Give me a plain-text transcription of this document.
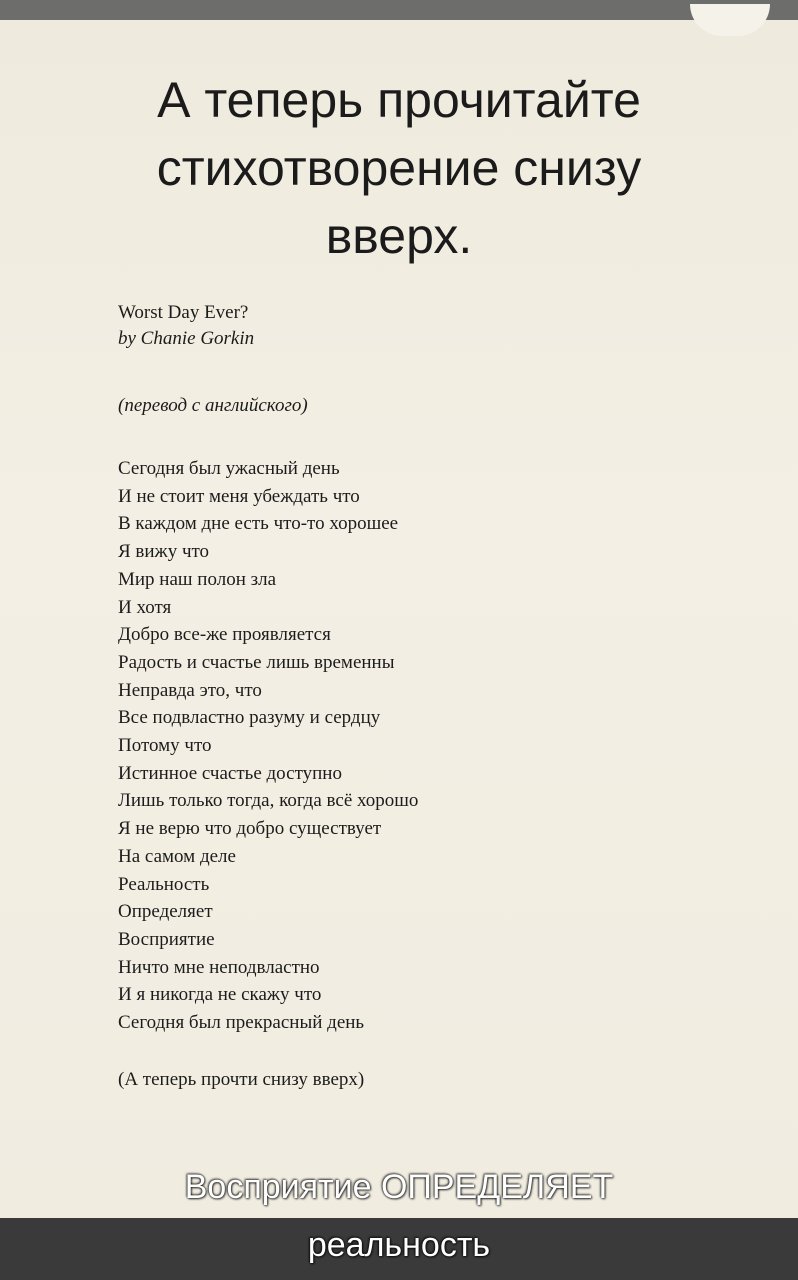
А теперь прочитайте
стихотворение снизу
вверх.
Worst Day Ever?
by Chanie Gorkin
(перевод с английского)
Сегодня был ужасный день
И не стоит меня убеждать что
В каждом дне есть что-то хорошее
Я вижу что
Мир наш полон зла
И хотя
Добро все-же проявляется
Радость и счастье лишь временны
Неправда это, что
Все подвластно разуму и сердцу
Потому что
Истинное счастье доступно
Лишь только тогда, когда всё хорошо
Я не верю что добро существует
На самом деле
Реальность
Определяет
Восприятие
Ничто мне неподвластно
И я никогда не скажу что
Сегодня был прекрасный день
(А теперь прочти снизу вверх)
Восприятие ОПРЕДЕЛЯЕТ
реальность
